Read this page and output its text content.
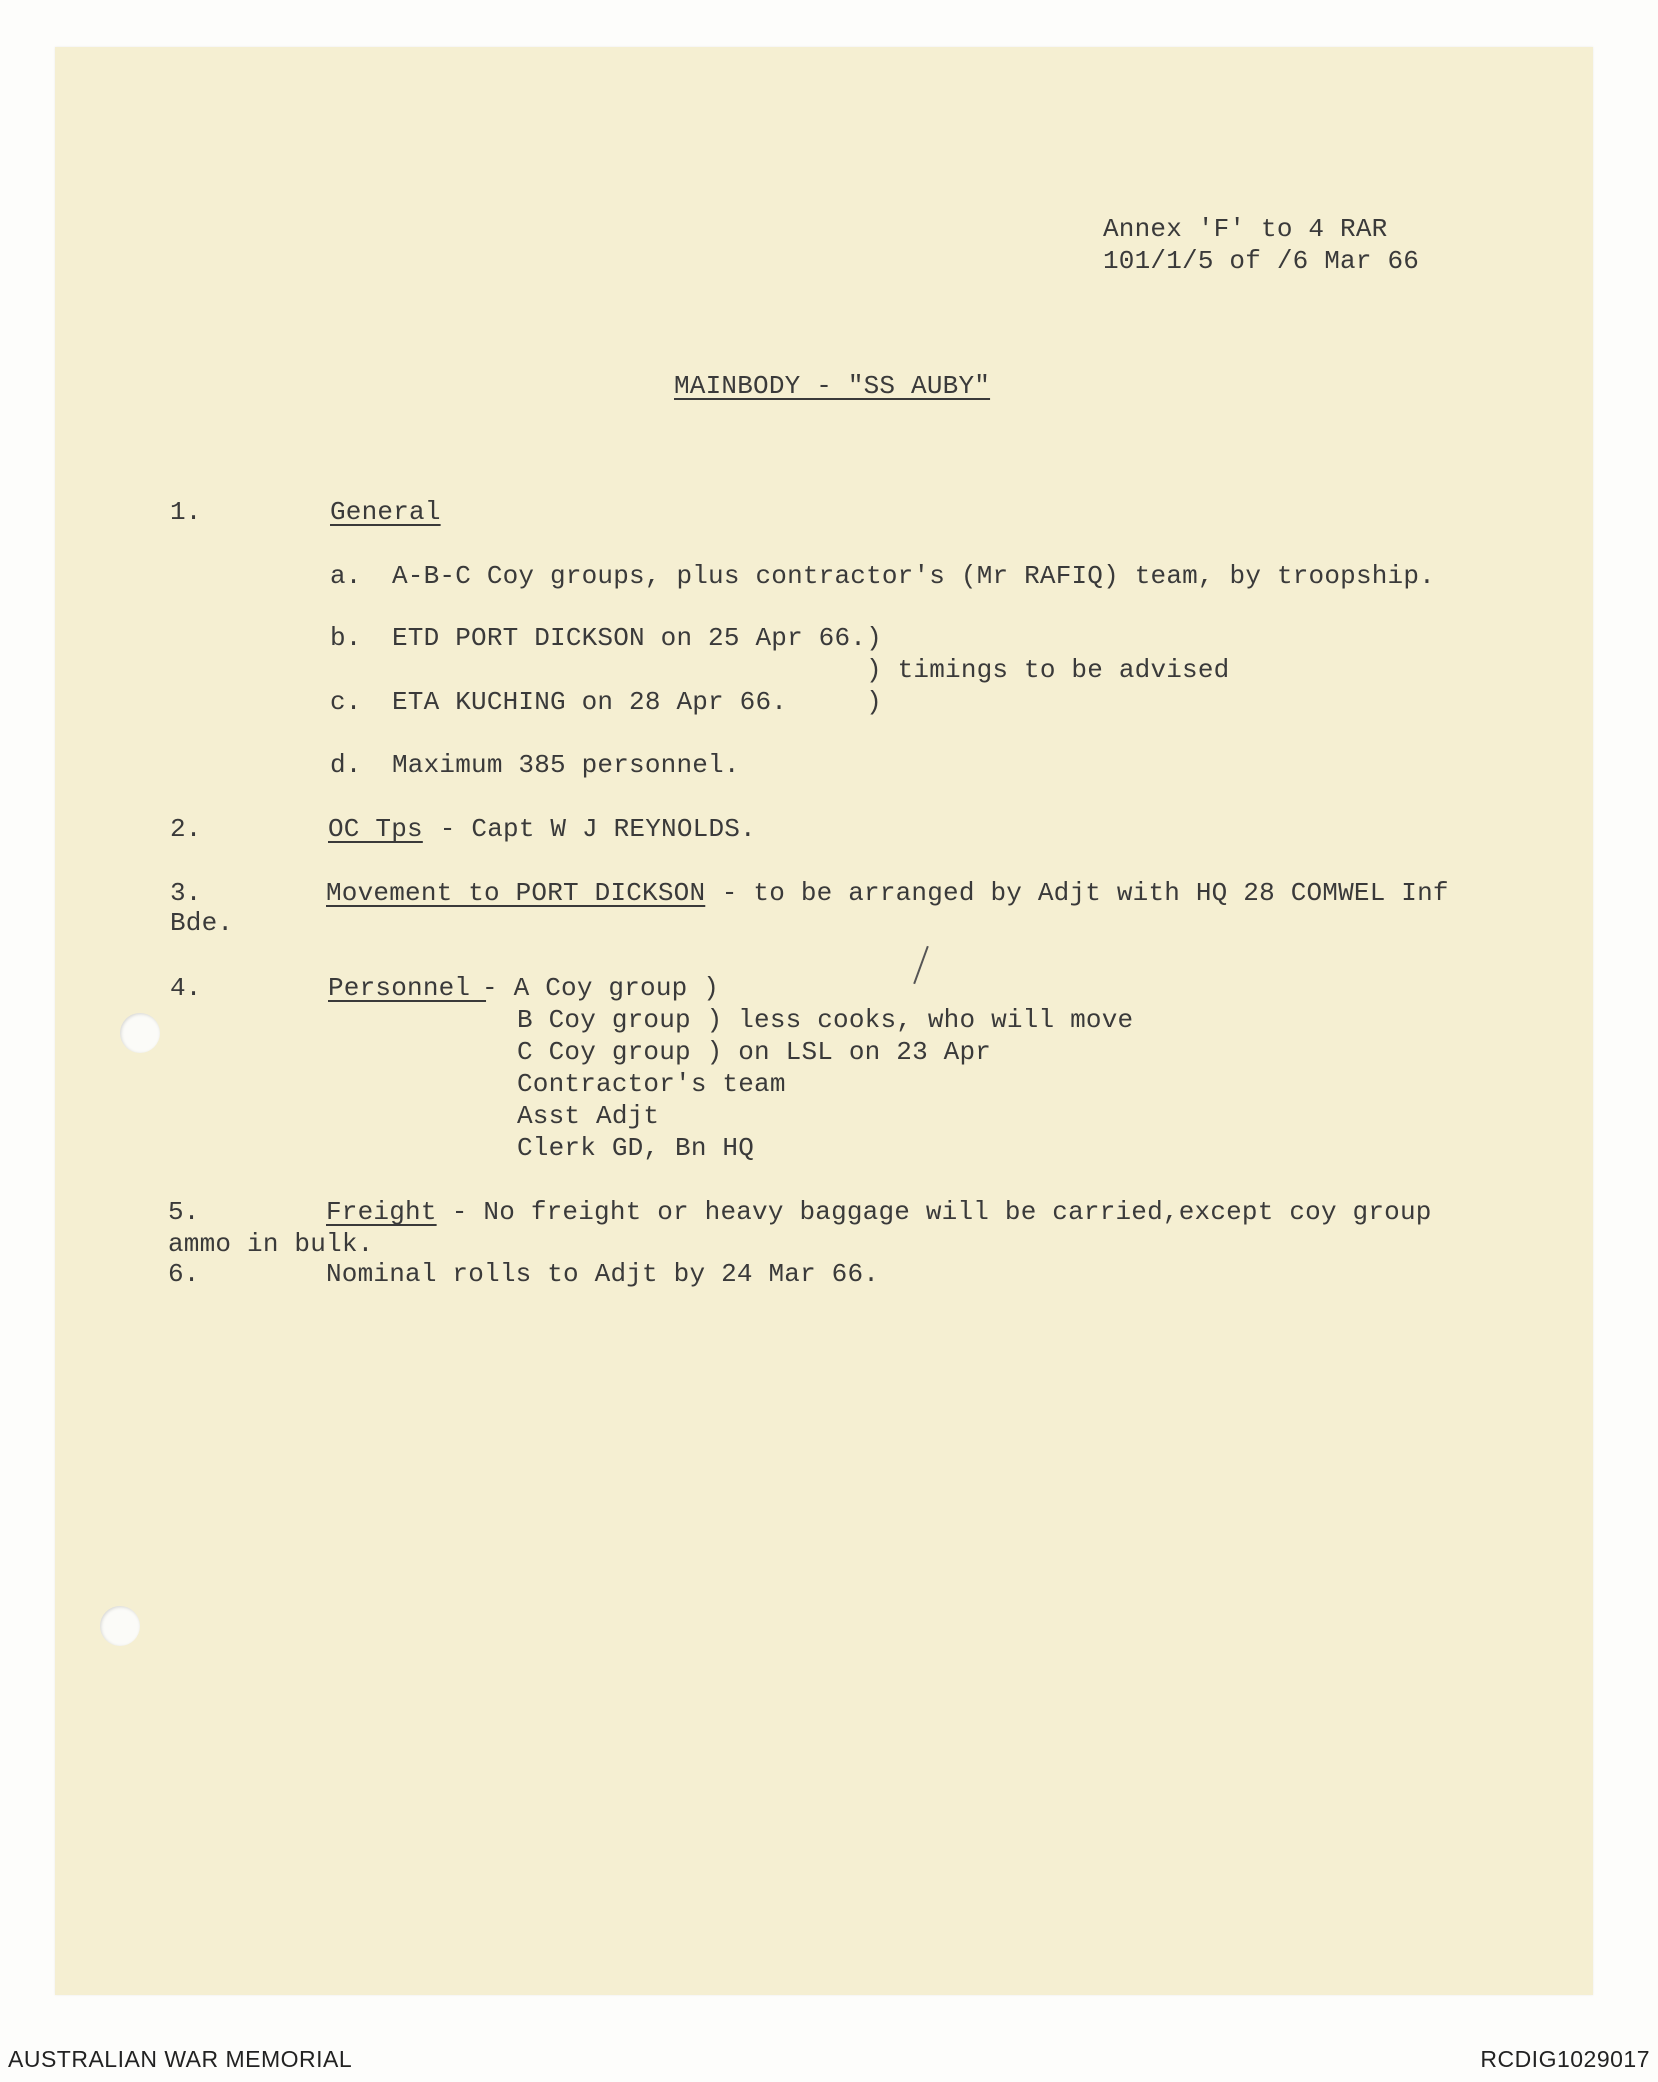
Annex 'F' to 4 RAR
101/1/5 of /6 Mar 66
MAINBODY - "SS AUBY"
1.	General
a. A-B-C Coy groups, plus contractor's (Mr RAFIQ) team, by troopship.
b. ETD PORT DICKSON on 25 Apr 66.)
) timings to be advised
c. ETA KUCHING on 28 Apr 66.     )
d. Maximum 385 personnel.
2.	OC Tps - Capt W J REYNOLDS.
3.	Movement to PORT DICKSON - to be arranged by Adjt with HQ 28 COMWEL Inf
Bde.
4.	Personnel
- A Coy group )
B Coy group ) less cooks, who will move
C Coy group ) on LSL on 23 Apr
Contractor's team
Asst Adjt
Clerk GD, Bn HQ
5.	Freight - No freight or heavy baggage will be carried,except coy group
ammo in bulk.
6.	Nominal rolls to Adjt by 24 Mar 66.
AUSTRALIAN WAR MEMORIAL	RCDIG1029017
